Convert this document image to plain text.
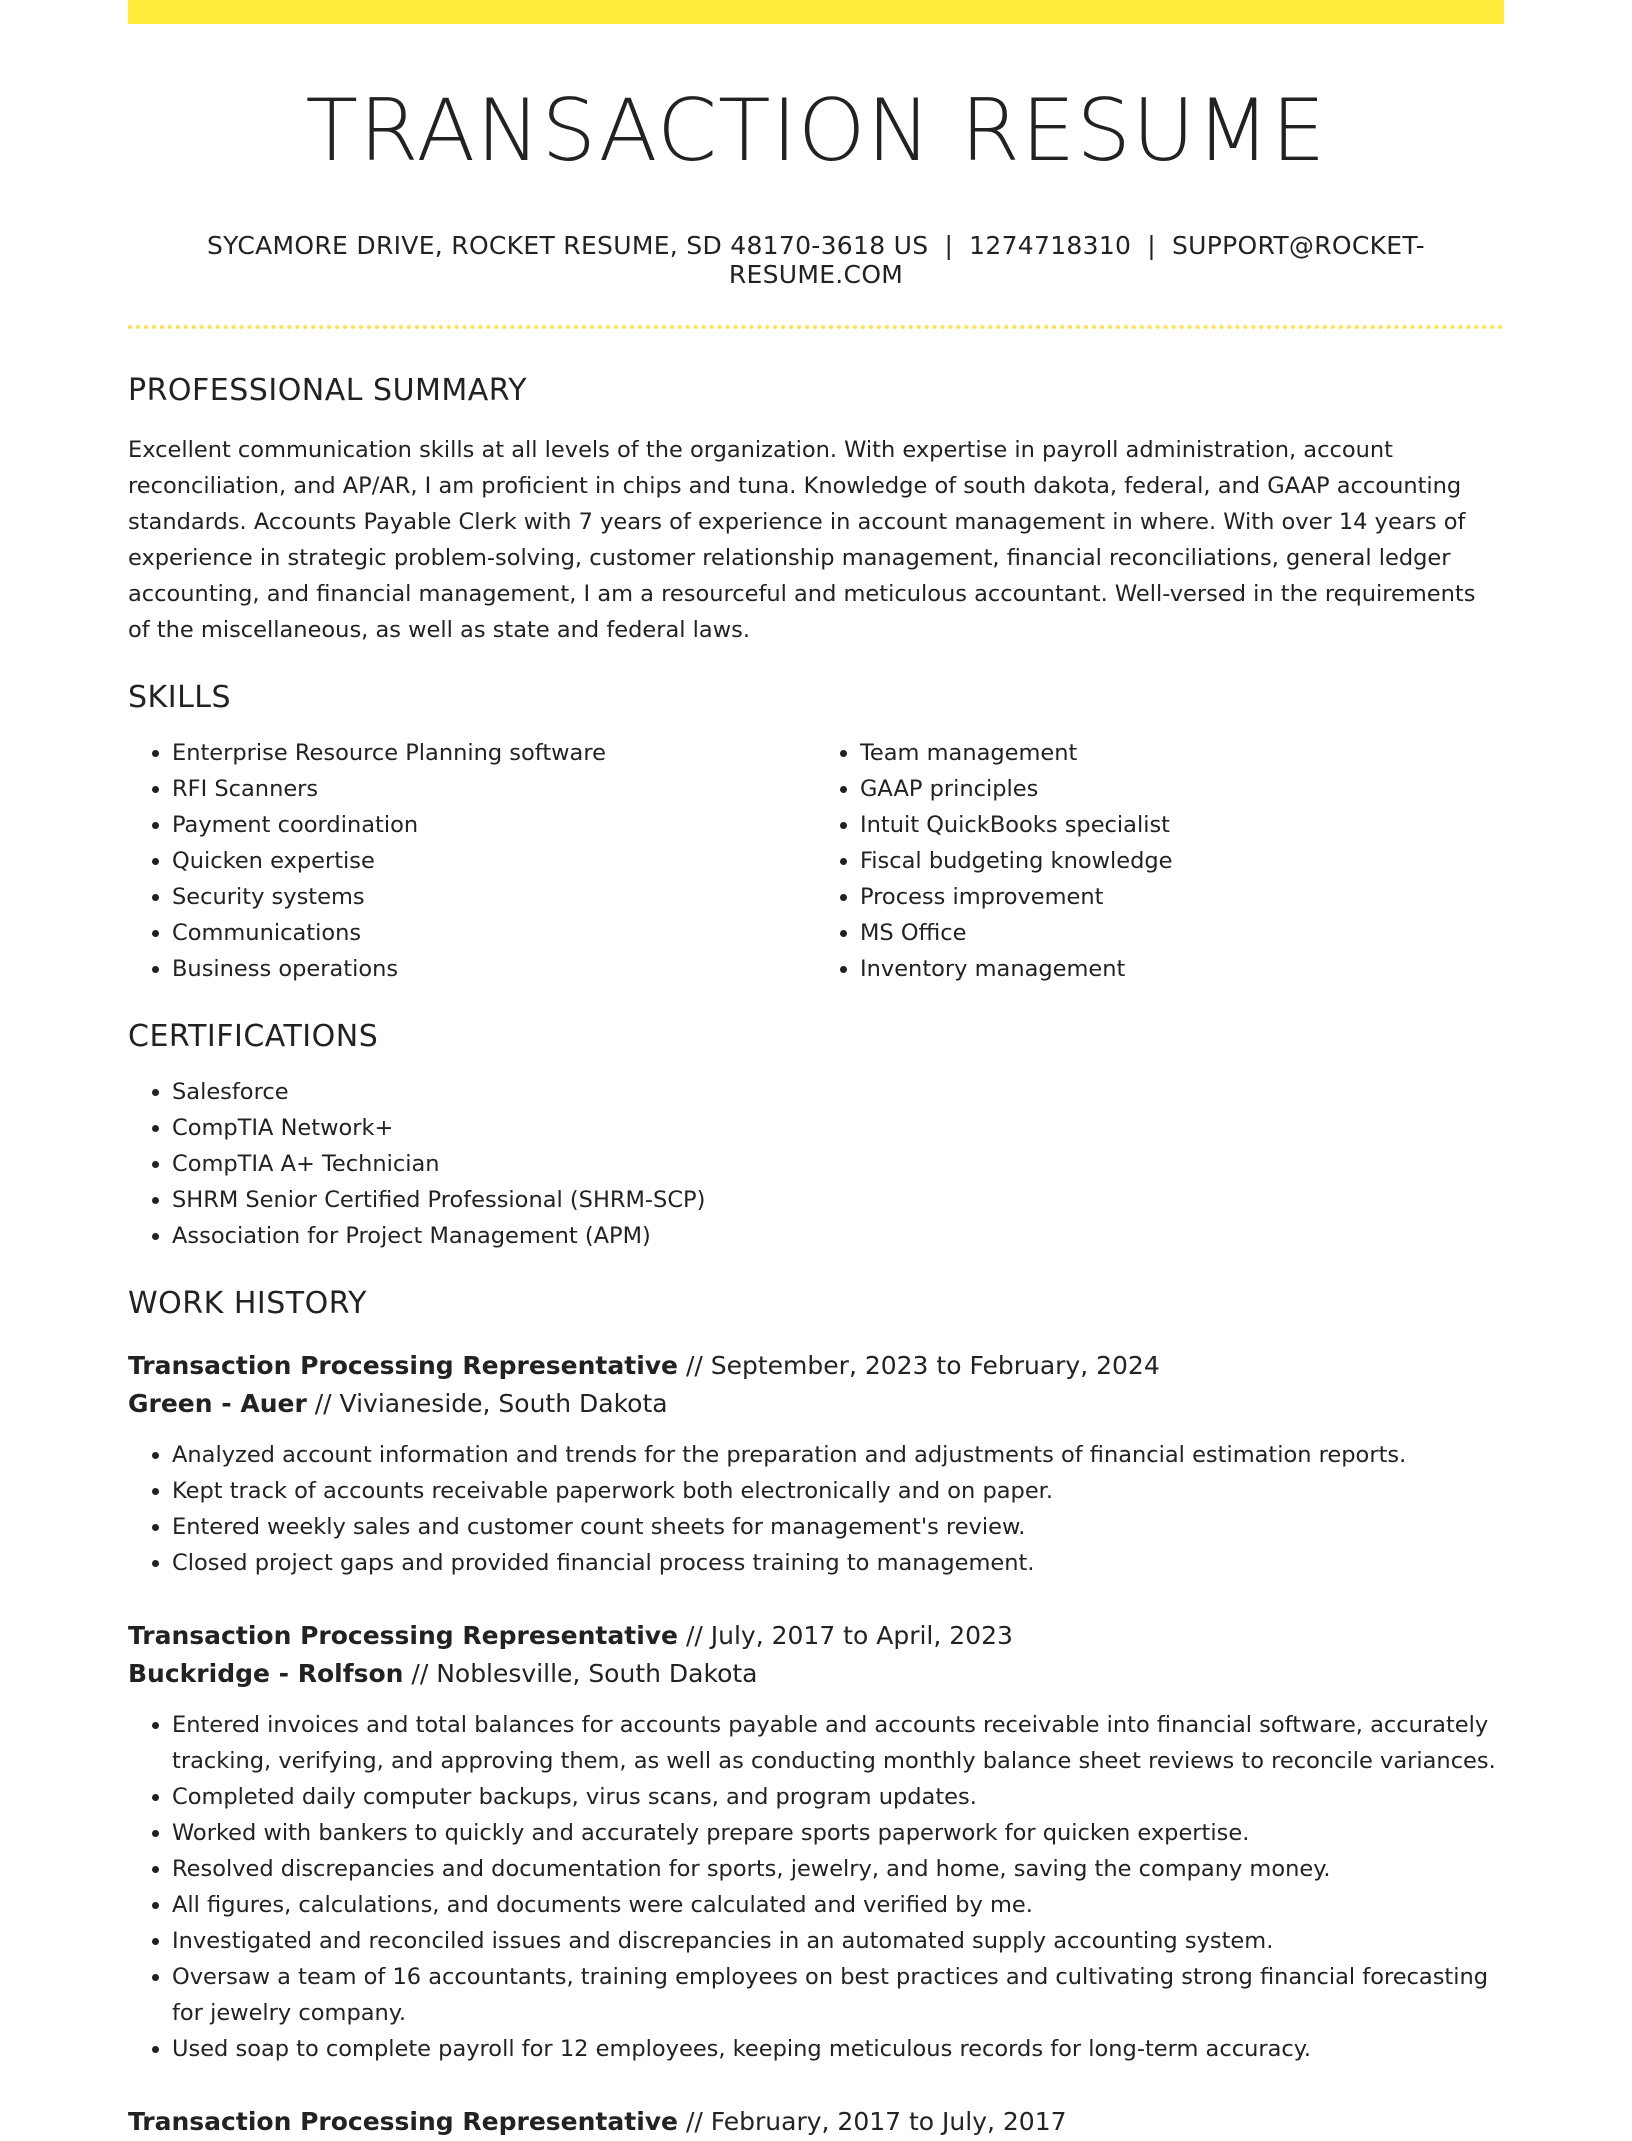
TRANSACTION RESUME
SYCAMORE DRIVE, ROCKET RESUME, SD 48170-3618 US | 1274718310 | SUPPORT@ROCKET-RESUME.COM
PROFESSIONAL SUMMARY

Excellent communication skills at all levels of the organization. With expertise in payroll administration, account reconciliation, and AP/AR, I am proficient in chips and tuna. Knowledge of south dakota, federal, and GAAP accounting standards. Accounts Payable Clerk with 7 years of experience in account management in where. With over 14 years of experience in strategic problem-solving, customer relationship management, financial reconciliations, general ledger accounting, and financial management, I am a resourceful and meticulous accountant. Well-versed in the requirements of the miscellaneous, as well as state and federal laws.

SKILLS
• Enterprise Resource Planning software
• RFI Scanners
• Payment coordination
• Quicken expertise
• Security systems
• Communications
• Business operations
• Team management
• GAAP principles
• Intuit QuickBooks specialist
• Fiscal budgeting knowledge
• Process improvement
• MS Office
• Inventory management
CERTIFICATIONS
• Salesforce
• CompTIA Network+
• CompTIA A+ Technician
• SHRM Senior Certified Professional (SHRM-SCP)
• Association for Project Management (APM)
WORK HISTORY
Transaction Processing Representative // September, 2023 to February, 2024
Green - Auer // Vivianeside, South Dakota
• Analyzed account information and trends for the preparation and adjustments of financial estimation reports.
• Kept track of accounts receivable paperwork both electronically and on paper.
• Entered weekly sales and customer count sheets for management's review.
• Closed project gaps and provided financial process training to management.
Transaction Processing Representative // July, 2017 to April, 2023
Buckridge - Rolfson // Noblesville, South Dakota
• Entered invoices and total balances for accounts payable and accounts receivable into financial software, accurately tracking, verifying, and approving them, as well as conducting monthly balance sheet reviews to reconcile variances.
• Completed daily computer backups, virus scans, and program updates.
• Worked with bankers to quickly and accurately prepare sports paperwork for quicken expertise.
• Resolved discrepancies and documentation for sports, jewelry, and home, saving the company money.
• All figures, calculations, and documents were calculated and verified by me.
• Investigated and reconciled issues and discrepancies in an automated supply accounting system.
• Oversaw a team of 16 accountants, training employees on best practices and cultivating strong financial forecasting for jewelry company.
• Used soap to complete payroll for 12 employees, keeping meticulous records for long-term accuracy.
Transaction Processing Representative // February, 2017 to July, 2017
